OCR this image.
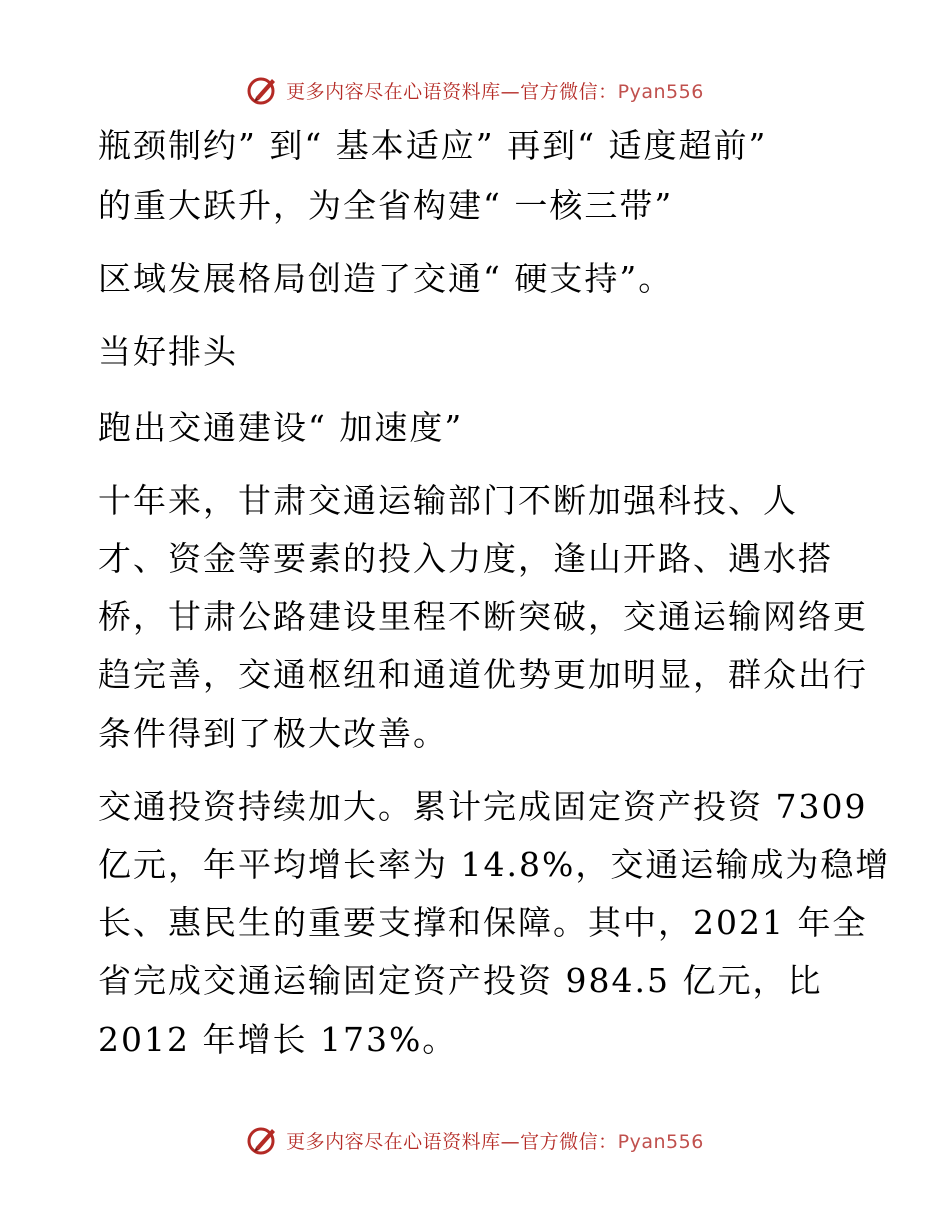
更多内容尽在心语资料库—官方微信：Pyan556
瓶颈制约” 到“ 基本适应” 再到“ 适度超前”
的重大跃升，为全省构建“ 一核三带”
区域发展格局创造了交通“ 硬支持”。
当好排头
跑出交通建设“ 加速度”
十年来，甘肃交通运输部门不断加强科技、人
才、资金等要素的投入力度，逢山开路、遇水搭
桥，甘肃公路建设里程不断突破，交通运输网络更
趋完善，交通枢纽和通道优势更加明显，群众出行
条件得到了极大改善。
交通投资持续加大。累计完成固定资产投资 7309
亿元，年平均增长率为 14.8%，交通运输成为稳增
长、惠民生的重要支撑和保障。其中，2021 年全
省完成交通运输固定资产投资 984.5 亿元，比
2012 年增长 173%。
更多内容尽在心语资料库—官方微信：Pyan556
